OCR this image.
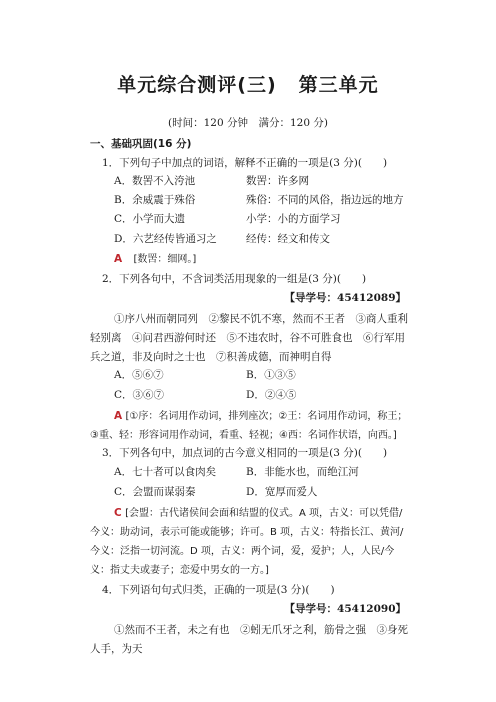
单元综合测评(三) 第三单元
(时间：120 分钟　满分：120 分)
一、基础巩固(16 分)
1．下列句子中加点的词语，解释不正确的一项是(3 分)(　　)
A．数罟不入洿池	数罟：许多网
B．余威震于殊俗	殊俗：不同的风俗，指边远的地方
C．小学而大遗	小学：小的方面学习
D．六艺经传皆通习之	经传：经文和传文
A [数罟：细网。]
2．下列各句中，不含词类活用现象的一组是(3 分)(　　)
【导学号：45412089】
①序八州而朝同列　②黎民不饥不寒，然而不王者　③商人重利轻别离　④问君西游何时还　⑤不违农时，谷不可胜食也　⑥行军用兵之道，非及向时之士也　⑦积善成德，而神明自得
A．⑤⑥⑦	B．①③⑤
C．③⑥⑦	D．②④⑤
A [①序：名词用作动词，排列座次；②王：名词用作动词，称王；③重、轻：形容词用作动词，看重、轻视；④西：名词作状语，向西。]
3．下列各句中，加点词的古今意义相同的一项是(3 分)(　　)
A．七十者可以食肉矣	B．非能水也，而绝江河
C．会盟而谋弱秦	D．宽厚而爱人
C [会盟：古代诸侯间会面和结盟的仪式。A 项，古义：可以凭借/今义：助动词，表示可能或能够；许可。B 项，古义：特指长江、黄河/今义：泛指一切河流。D 项，古义：两个词，爱，爱护；人，人民/今义：指丈夫或妻子；恋爱中男女的一方。]
4．下列语句句式归类，正确的一项是(3 分)(　　)
【导学号：45412090】
①然而不王者，未之有也　②蚓无爪牙之利，筋骨之强　③身死人手，为天
